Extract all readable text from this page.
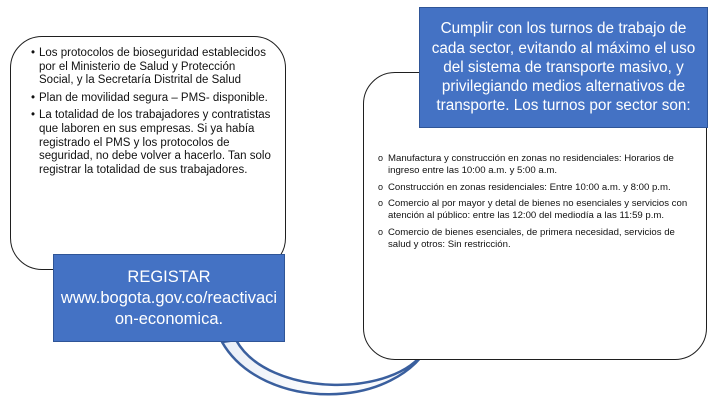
• Los protocolos de bioseguridad establecidos por el Ministerio de Salud y Protección Social, y la Secretaría Distrital de Salud
• Plan de movilidad segura – PMS- disponible.
• La totalidad de los trabajadores y contratistas que laboren en sus empresas. Si ya había registrado el PMS y los protocolos de seguridad, no debe volver a hacerlo. Tan solo registrar la totalidad de sus trabajadores.
REGISTAR
www.bogota.gov.co/reactivaci
on-economica.
o Manufactura y construcción en zonas no residenciales: Horarios de ingreso entre las 10:00 a.m. y 5:00 a.m.
o Construcción en zonas residenciales: Entre 10:00 a.m. y 8:00 p.m.
o Comercio al por mayor y detal de bienes no esenciales y servicios con atención al público: entre las 12:00 del mediodía a las 11:59 p.m.
o Comercio de bienes esenciales, de primera necesidad, servicios de salud y otros: Sin restricción.
Cumplir con los turnos de trabajo de cada sector, evitando al máximo el uso del sistema de transporte masivo, y privilegiando medios alternativos de transporte. Los turnos por sector son:
